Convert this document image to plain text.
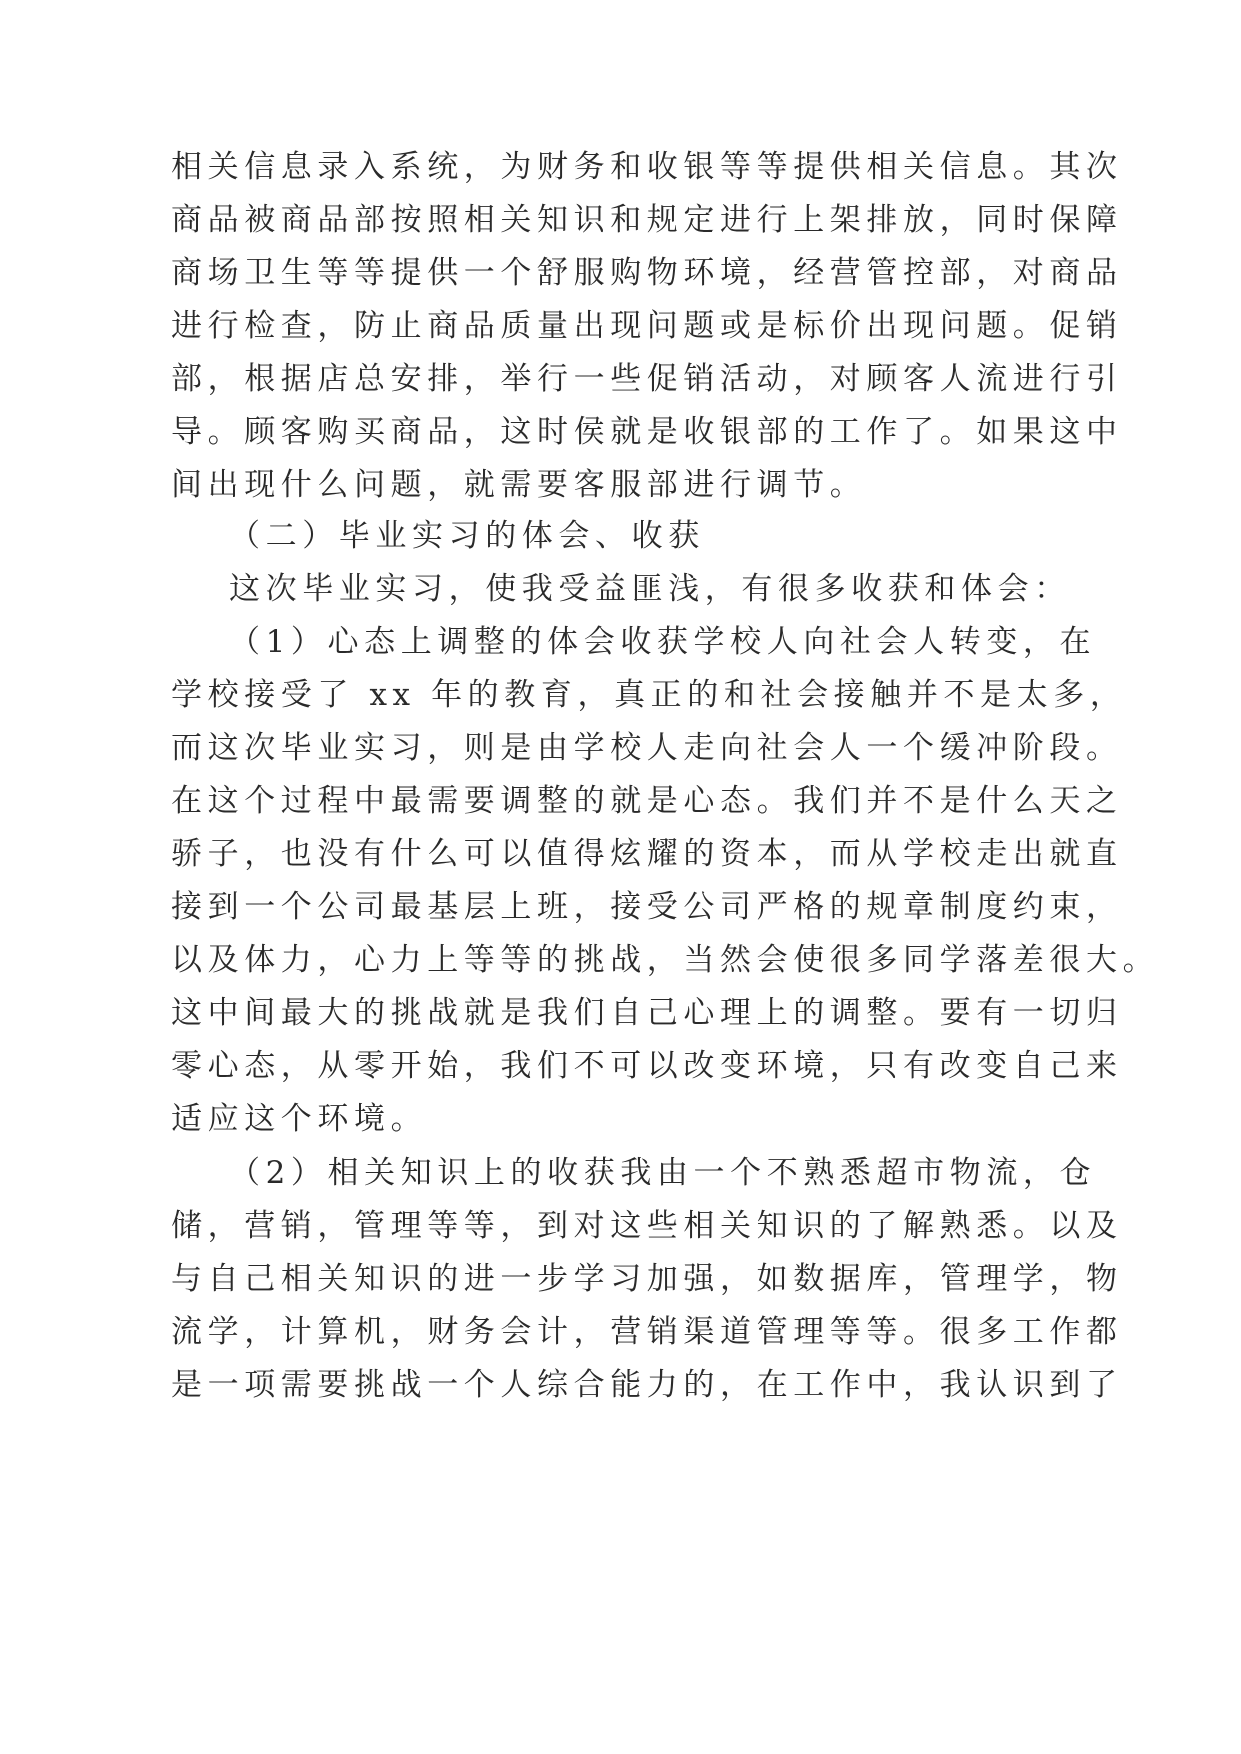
相关信息录入系统，为财务和收银等等提供相关信息。其次
商品被商品部按照相关知识和规定进行上架排放，同时保障
商场卫生等等提供一个舒服购物环境，经营管控部，对商品
进行检查，防止商品质量出现问题或是标价出现问题。促销
部，根据店总安排，举行一些促销活动，对顾客人流进行引
导。顾客购买商品，这时侯就是收银部的工作了。如果这中
间出现什么问题，就需要客服部进行调节。
（二）毕业实习的体会、收获
这次毕业实习，使我受益匪浅，有很多收获和体会：
（1）心态上调整的体会收获学校人向社会人转变，在
学校接受了 xx 年的教育，真正的和社会接触并不是太多，
而这次毕业实习，则是由学校人走向社会人一个缓冲阶段。
在这个过程中最需要调整的就是心态。我们并不是什么天之
骄子，也没有什么可以值得炫耀的资本，而从学校走出就直
接到一个公司最基层上班，接受公司严格的规章制度约束，
以及体力，心力上等等的挑战，当然会使很多同学落差很大。
这中间最大的挑战就是我们自己心理上的调整。要有一切归
零心态，从零开始，我们不可以改变环境，只有改变自己来
适应这个环境。
（2）相关知识上的收获我由一个不熟悉超市物流，仓
储，营销，管理等等，到对这些相关知识的了解熟悉。以及
与自己相关知识的进一步学习加强，如数据库，管理学，物
流学，计算机，财务会计，营销渠道管理等等。很多工作都
是一项需要挑战一个人综合能力的，在工作中，我认识到了
